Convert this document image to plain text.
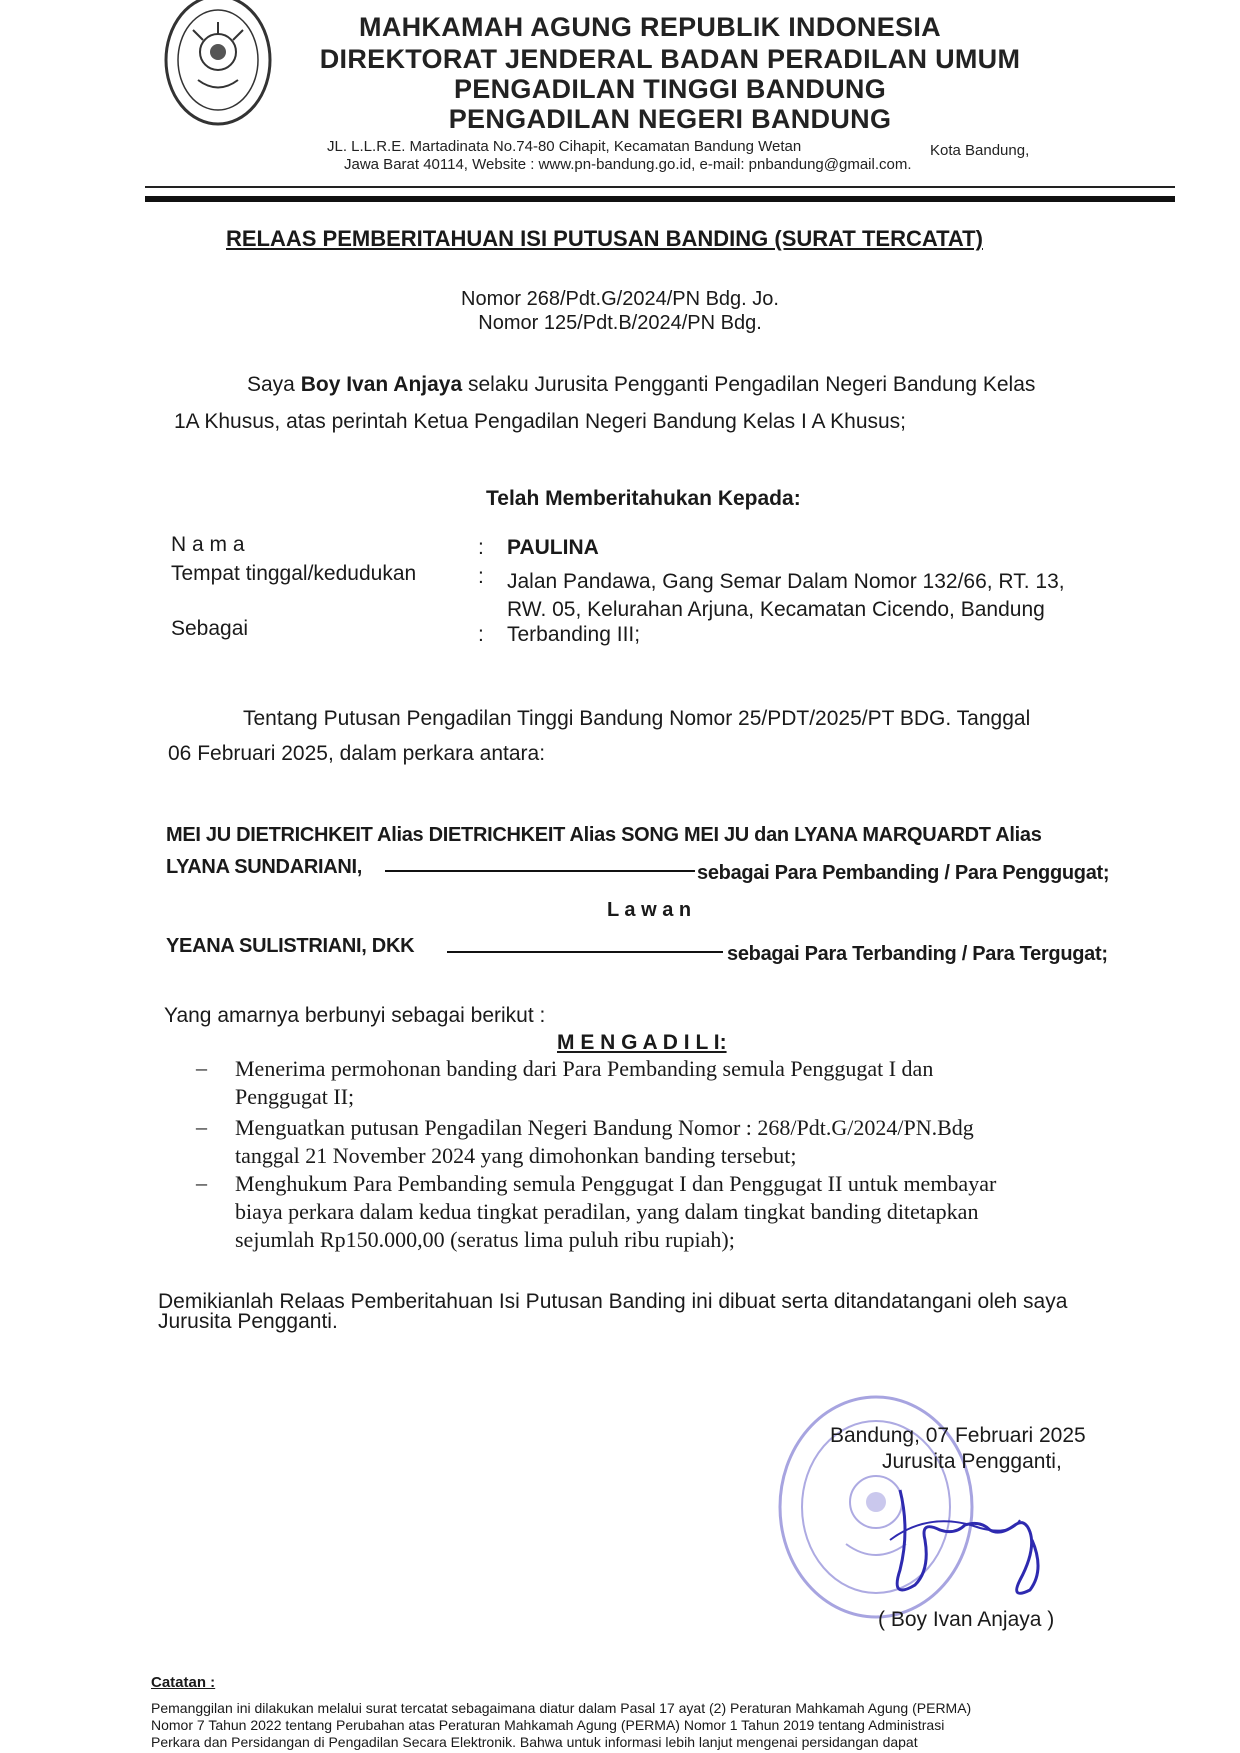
MAHKAMAH AGUNG REPUBLIK INDONESIA
DIREKTORAT JENDERAL BADAN PERADILAN UMUM
PENGADILAN TINGGI BANDUNG
PENGADILAN NEGERI BANDUNG
JL. L.L.R.E. Martadinata No.74-80 Cihapit, Kecamatan Bandung Wetan	Kota Bandung,
Jawa Barat 40114, Website : www.pn-bandung.go.id, e-mail: pnbandung@gmail.com.
RELAAS PEMBERITAHUAN ISI PUTUSAN BANDING (SURAT TERCATAT)
Nomor 268/Pdt.G/2024/PN Bdg. Jo.
Nomor 125/Pdt.B/2024/PN Bdg.
Saya Boy Ivan Anjaya selaku Jurusita Pengganti Pengadilan Negeri Bandung Kelas
1A Khusus, atas perintah Ketua Pengadilan Negeri Bandung Kelas I A Khusus;
Telah Memberitahukan Kepada:
N a m a	: PAULINA
Tempat tinggal/kedudukan	: Jalan Pandawa, Gang Semar Dalam Nomor 132/66, RT. 13,
RW. 05, Kelurahan Arjuna, Kecamatan Cicendo, Bandung
Sebagai	: Terbanding III;
Tentang Putusan Pengadilan Tinggi Bandung Nomor 25/PDT/2025/PT BDG. Tanggal
06 Februari 2025, dalam perkara antara:
MEI JU DIETRICHKEIT Alias DIETRICHKEIT Alias SONG MEI JU dan LYANA MARQUARDT Alias
LYANA SUNDARIANI,	sebagai Para Pembanding / Para Penggugat;
L a w a n
YEANA SULISTRIANI, DKK	sebagai Para Terbanding / Para Tergugat;
Yang amarnya berbunyi sebagai berikut :
M E N G A D I L I:
– Menerima permohonan banding dari Para Pembanding semula Penggugat I dan
Penggugat II;
– Menguatkan putusan Pengadilan Negeri Bandung Nomor : 268/Pdt.G/2024/PN.Bdg
tanggal 21 November 2024 yang dimohonkan banding tersebut;
– Menghukum Para Pembanding semula Penggugat I dan Penggugat II untuk membayar
biaya perkara dalam kedua tingkat peradilan, yang dalam tingkat banding ditetapkan
sejumlah Rp150.000,00 (seratus lima puluh ribu rupiah);
Demikianlah Relaas Pemberitahuan Isi Putusan Banding ini dibuat serta ditandatangani oleh saya
Jurusita Pengganti.
Bandung, 07 Februari 2025
Jurusita Pengganti,
( Boy Ivan Anjaya )
Catatan :
Pemanggilan ini dilakukan melalui surat tercatat sebagaimana diatur dalam Pasal 17 ayat (2) Peraturan Mahkamah Agung (PERMA)
Nomor 7 Tahun 2022 tentang Perubahan atas Peraturan Mahkamah Agung (PERMA) Nomor 1 Tahun 2019 tentang Administrasi
Perkara dan Persidangan di Pengadilan Secara Elektronik. Bahwa untuk informasi lebih lanjut mengenai persidangan dapat
